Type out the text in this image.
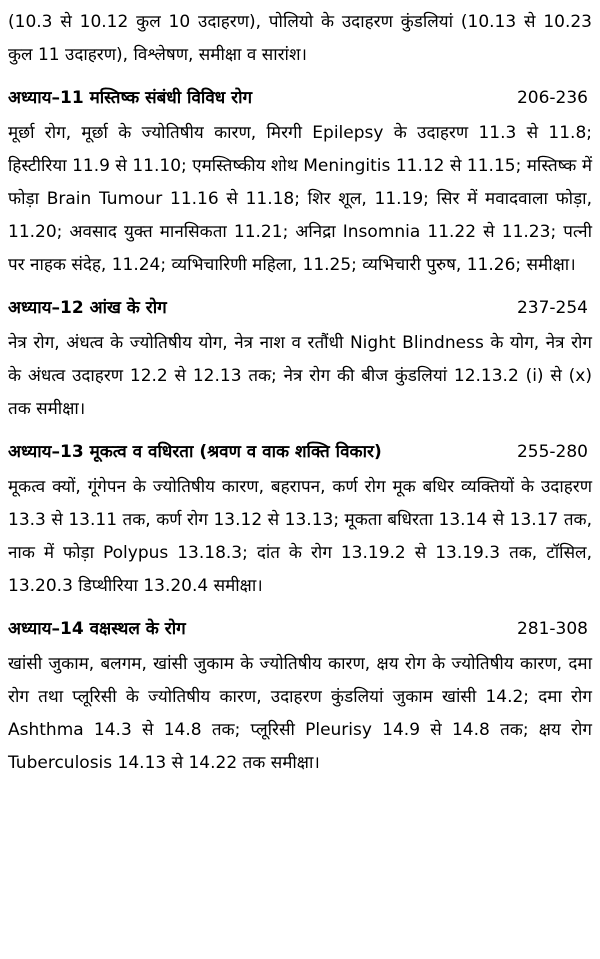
(10.3 से 10.12 कुल 10 उदाहरण), पोलियो के उदाहरण कुंडलियां (10.13 से 10.23 कुल 11 उदाहरण), विश्लेषण, समीक्षा व सारांश।

अध्याय–11 मस्तिष्क संबंधी विविध रोग	206-236

मूर्छा रोग, मूर्छा के ज्योतिषीय कारण, मिरगी Epilepsy के उदाहरण 11.3 से 11.8; हिस्टीरिया 11.9 से 11.10; एमस्तिष्कीय शोथ Meningitis 11.12 से 11.15; मस्तिष्क में फोड़ा Brain Tumour 11.16 से 11.18; शिर शूल, 11.19; सिर में मवादवाला फोड़ा, 11.20; अवसाद युक्त मानसिकता 11.21; अनिद्रा Insomnia 11.22 से 11.23; पत्नी पर नाहक संदेह, 11.24; व्यभिचारिणी महिला, 11.25; व्यभिचारी पुरुष, 11.26; समीक्षा।

अध्याय–12 आंख के रोग	237-254

नेत्र रोग, अंधत्व के ज्योतिषीय योग, नेत्र नाश व रतौंधी Night Blindness के योग, नेत्र रोग के अंधत्व उदाहरण 12.2 से 12.13 तक; नेत्र रोग की बीज कुंडलियां 12.13.2 (i) से (x) तक समीक्षा।

अध्याय–13 मूकत्व व वधिरता (श्रवण व वाक शक्ति विकार)	255-280

मूकत्व क्यों, गूंगेपन के ज्योतिषीय कारण, बहरापन, कर्ण रोग मूक बधिर व्यक्तियों के उदाहरण 13.3 से 13.11 तक, कर्ण रोग 13.12 से 13.13; मूकता बधिरता 13.14 से 13.17 तक, नाक में फोड़ा Polypus 13.18.3; दांत के रोग 13.19.2 से 13.19.3 तक, टॉसिल, 13.20.3 डिप्थीरिया 13.20.4 समीक्षा।

अध्याय–14 वक्षस्थल के रोग	281-308

खांसी जुकाम, बलगम, खांसी जुकाम के ज्योतिषीय कारण, क्षय रोग के ज्योतिषीय कारण, दमा रोग तथा प्लूरिसी के ज्योतिषीय कारण, उदाहरण कुंडलियां जुकाम खांसी 14.2; दमा रोग Ashthma 14.3 से 14.8 तक; प्लूरिसी Pleurisy 14.9 से 14.8 तक; क्षय रोग Tuberculosis 14.13 से 14.22 तक समीक्षा।
